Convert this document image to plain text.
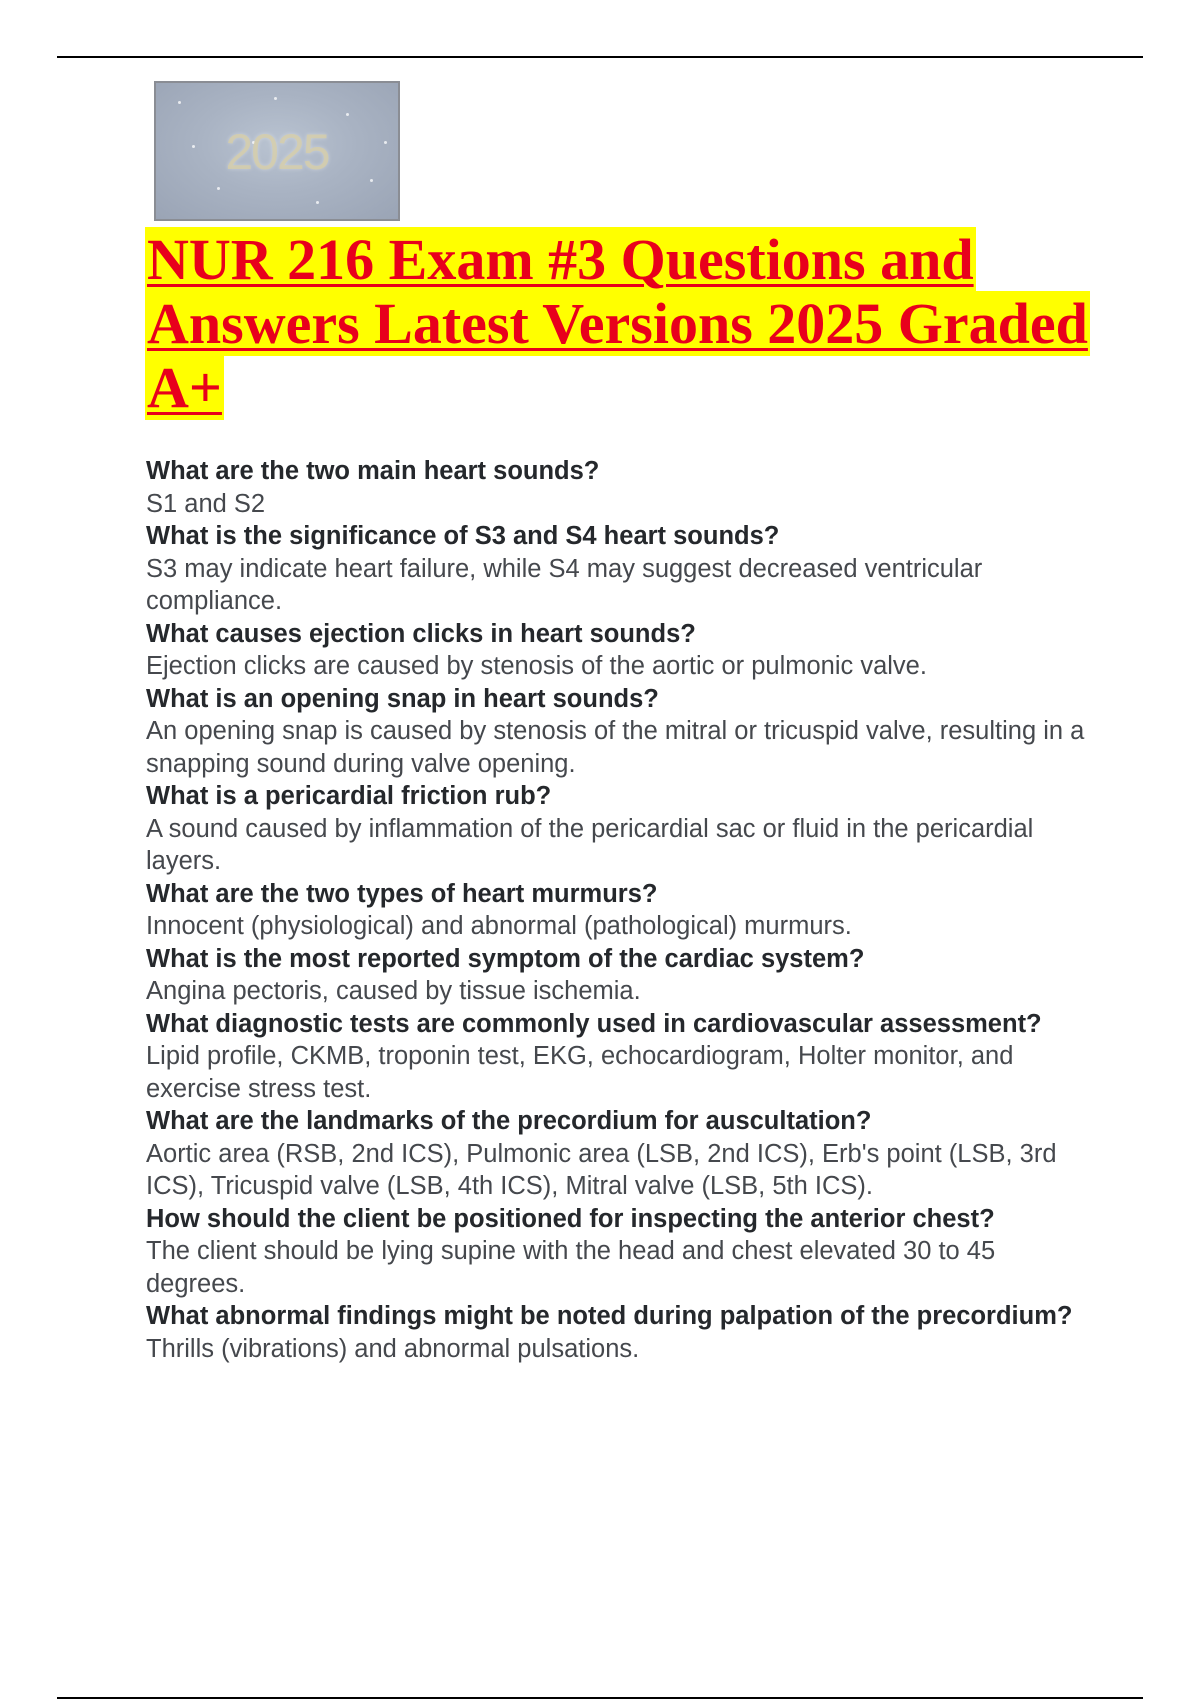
2025
NUR 216 Exam #3 Questions and Answers Latest Versions 2025 Graded A+

What are the two main heart sounds?

S1 and S2

What is the significance of S3 and S4 heart sounds?

S3 may indicate heart failure, while S4 may suggest decreased ventricular compliance.

What causes ejection clicks in heart sounds?

Ejection clicks are caused by stenosis of the aortic or pulmonic valve.

What is an opening snap in heart sounds?

An opening snap is caused by stenosis of the mitral or tricuspid valve, resulting in a snapping sound during valve opening.

What is a pericardial friction rub?

A sound caused by inflammation of the pericardial sac or fluid in the pericardial layers.

What are the two types of heart murmurs?

Innocent (physiological) and abnormal (pathological) murmurs.

What is the most reported symptom of the cardiac system?

Angina pectoris, caused by tissue ischemia.

What diagnostic tests are commonly used in cardiovascular assessment?

Lipid profile, CKMB, troponin test, EKG, echocardiogram, Holter monitor, and exercise stress test.

What are the landmarks of the precordium for auscultation?

Aortic area (RSB, 2nd ICS), Pulmonic area (LSB, 2nd ICS), Erb's point (LSB, 3rd ICS), Tricuspid valve (LSB, 4th ICS), Mitral valve (LSB, 5th ICS).

How should the client be positioned for inspecting the anterior chest?

The client should be lying supine with the head and chest elevated 30 to 45 degrees.

What abnormal findings might be noted during palpation of the precordium?

Thrills (vibrations) and abnormal pulsations.
